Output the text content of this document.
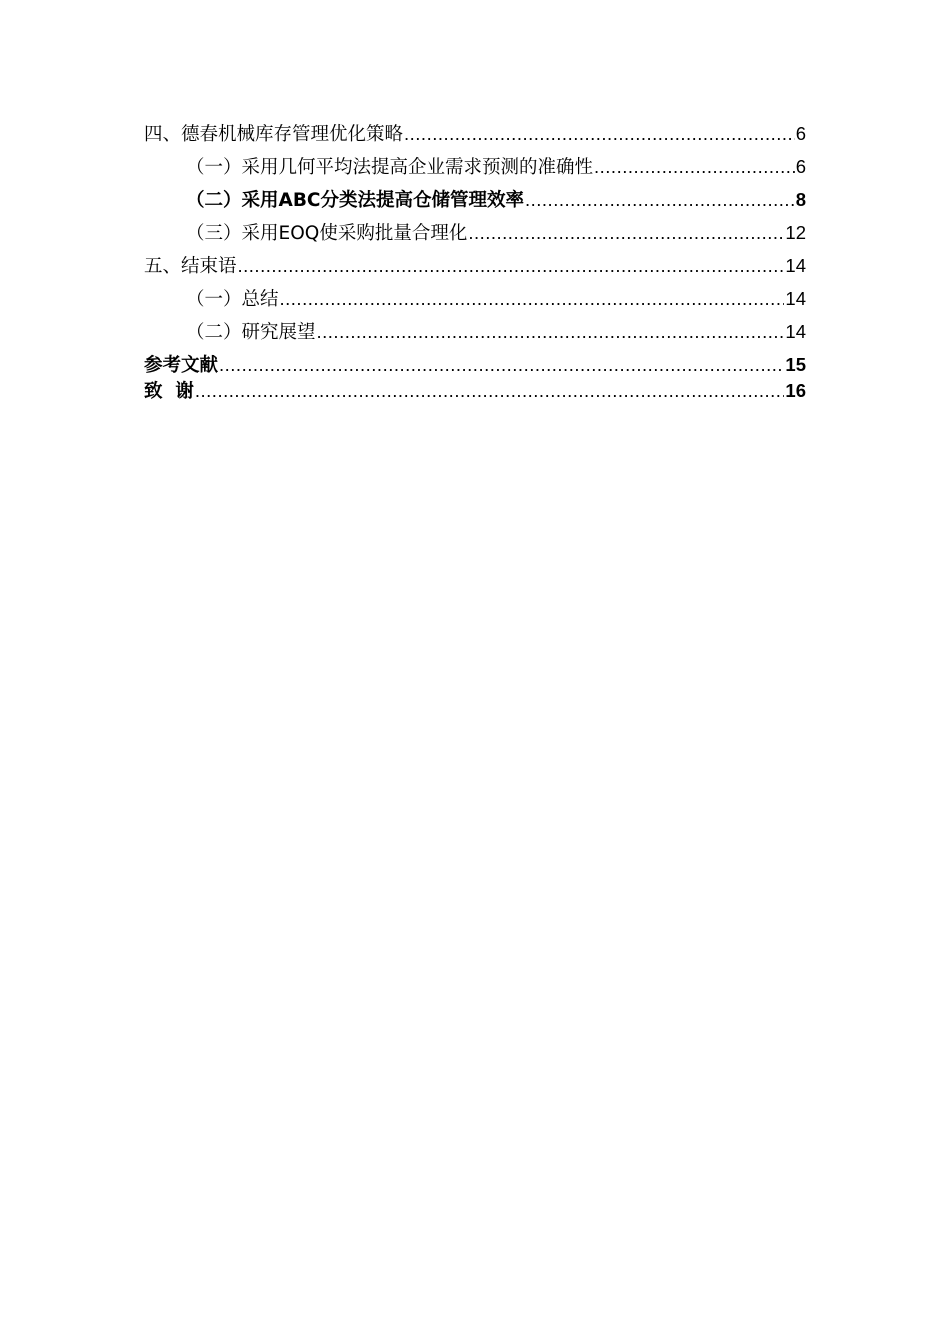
四、德春机械库存管理优化策略 .....	6
（一）采用几何平均法提高企业需求预测的准确性 .....	6
（二）采用ABC分类法提高仓储管理效率 .....	8
（三）采用EOQ使采购批量合理化 .....	12
五、结束语 .....	14
（一）总结 .....	14
（二）研究展望 .....	14
参考文献 .....	15
致  谢 .....	16
